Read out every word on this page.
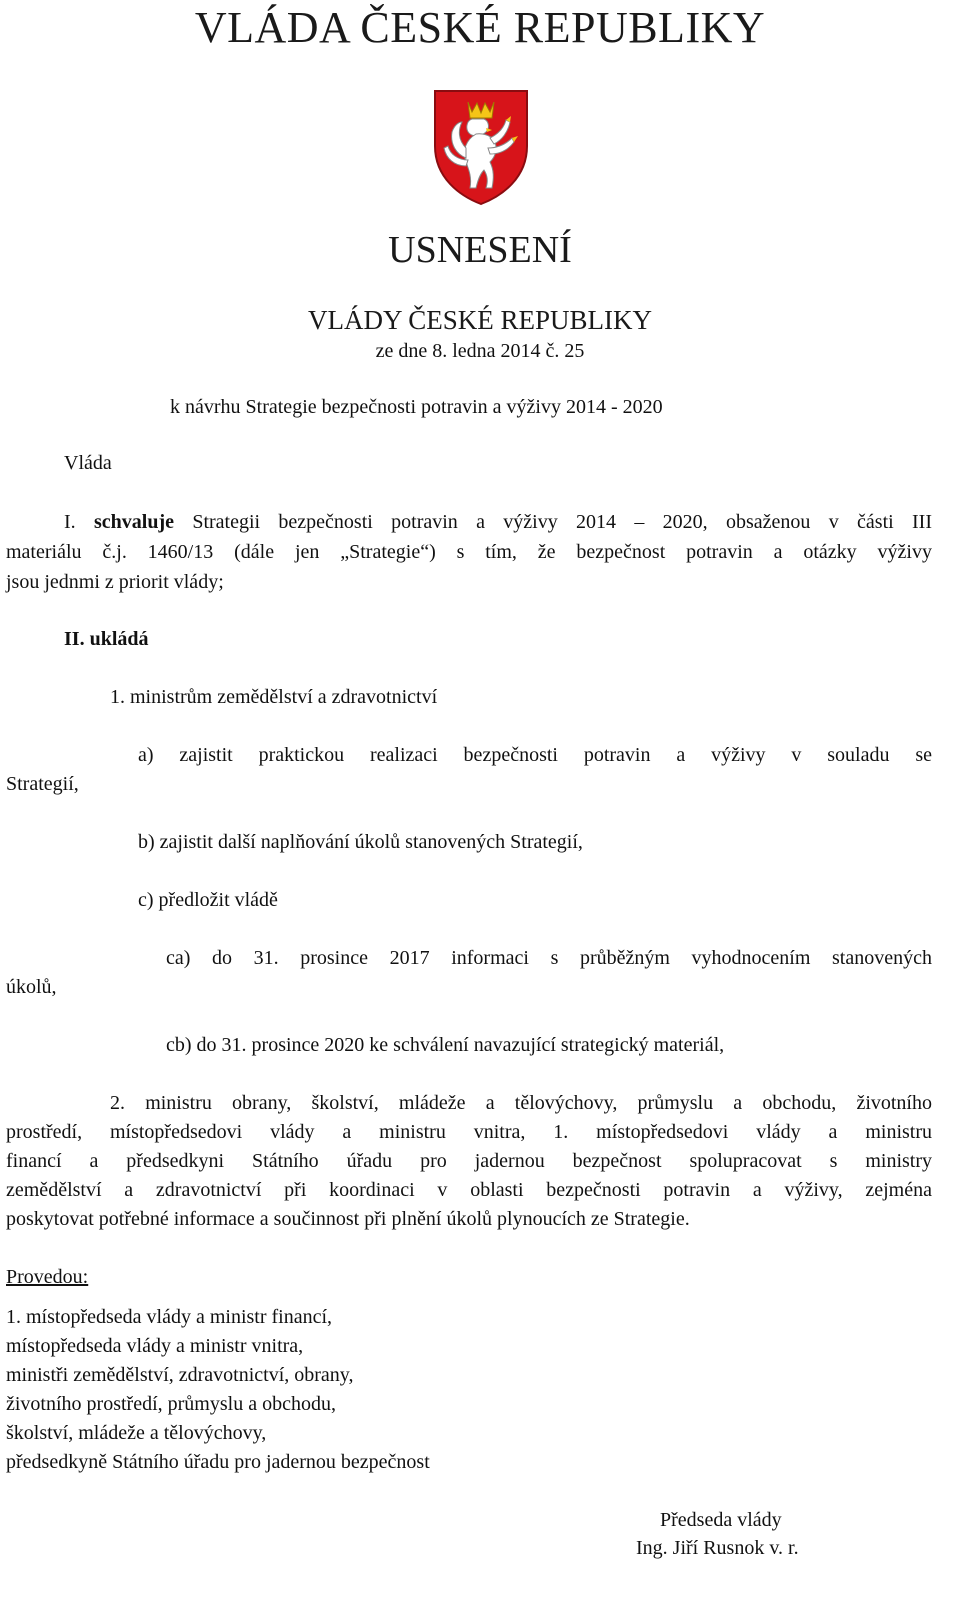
VLÁDA ČESKÉ REPUBLIKY

USNESENÍ

VLÁDY ČESKÉ REPUBLIKY

ze dne 8. ledna 2014 č. 25

k návrhu Strategie bezpečnosti potravin a výživy 2014 - 2020

Vláda

I. schvaluje Strategii bezpečnosti potravin a výživy 2014 – 2020, obsaženou v části III

materiálu č.j. 1460/13 (dále jen „Strategie“) s tím, že bezpečnost potravin a otázky výživy

jsou jednmi z priorit vlády;

II. ukládá

1. ministrům zemědělství a zdravotnictví

a) zajistit praktickou realizaci bezpečnosti potravin a výživy v souladu se

Strategií,

b) zajistit další naplňování úkolů stanovených Strategií,

c) předložit vládě

ca) do 31. prosince 2017 informaci s průběžným vyhodnocením stanovených

úkolů,

cb) do 31. prosince 2020 ke schválení navazující strategický materiál,

2. ministru obrany, školství, mládeže a tělovýchovy, průmyslu a obchodu, životního

prostředí, místopředsedovi vlády a ministru vnitra, 1. místopředsedovi vlády a ministru

financí a předsedkyni Státního úřadu pro jadernou bezpečnost spolupracovat s ministry

zemědělství a zdravotnictví při koordinaci v oblasti bezpečnosti potravin a výživy, zejména

poskytovat potřebné informace a součinnost při plnění úkolů plynoucích ze Strategie.

Provedou:

1. místopředseda vlády a ministr financí,

místopředseda vlády a ministr vnitra,

ministři zemědělství, zdravotnictví, obrany,

životního prostředí, průmyslu a obchodu,

školství, mládeže a tělovýchovy,

předsedkyně Státního úřadu pro jadernou bezpečnost

Předseda vlády

Ing. Jiří Rusnok v. r.
